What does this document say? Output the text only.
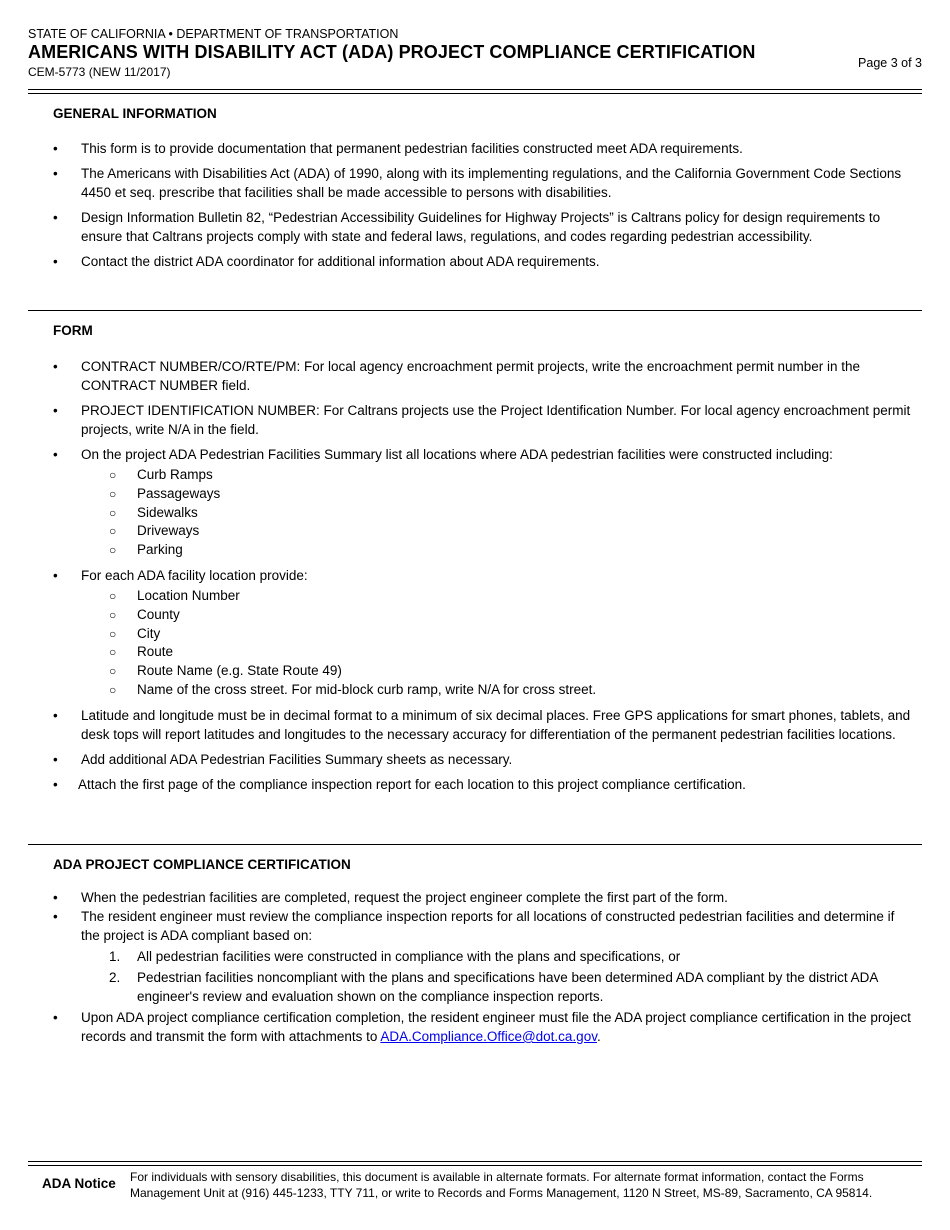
STATE OF CALIFORNIA • DEPARTMENT OF TRANSPORTATION
AMERICANS WITH DISABILITY ACT (ADA) PROJECT COMPLIANCE CERTIFICATION
CEM-5773 (NEW 11/2017)
Page 3 of 3
GENERAL INFORMATION
• This form is to provide documentation that permanent pedestrian facilities constructed meet ADA requirements.
• The Americans with Disabilities Act (ADA) of 1990, along with its implementing regulations, and the California Government Code Sections 4450 et seq. prescribe that facilities shall be made accessible to persons with disabilities.
• Design Information Bulletin 82, “Pedestrian Accessibility Guidelines for Highway Projects” is Caltrans policy for design requirements to ensure that Caltrans projects comply with state and federal laws, regulations, and codes regarding pedestrian accessibility.
• Contact the district ADA coordinator for additional information about ADA requirements.
FORM
• CONTRACT NUMBER/CO/RTE/PM: For local agency encroachment permit projects, write the encroachment permit number in the CONTRACT NUMBER field.
• PROJECT IDENTIFICATION NUMBER: For Caltrans projects use the Project Identification Number. For local agency encroachment permit projects, write N/A in the field.
• On the project ADA Pedestrian Facilities Summary list all locations where ADA pedestrian facilities were constructed including:
○ Curb Ramps
○ Passageways
○ Sidewalks
○ Driveways
○ Parking
• For each ADA facility location provide:
○ Location Number
○ County
○ City
○ Route
○ Route Name (e.g. State Route 49)
○ Name of the cross street. For mid-block curb ramp, write N/A for cross street.
• Latitude and longitude must be in decimal format to a minimum of six decimal places. Free GPS applications for smart phones, tablets, and desk tops will report latitudes and longitudes to the necessary accuracy for differentiation of the permanent pedestrian facilities locations.
• Add additional ADA Pedestrian Facilities Summary sheets as necessary.
• Attach the first page of the compliance inspection report for each location to this project compliance certification.
ADA PROJECT COMPLIANCE CERTIFICATION
• When the pedestrian facilities are completed, request the project engineer complete the first part of the form.
• The resident engineer must review the compliance inspection reports for all locations of constructed pedestrian facilities and determine if the project is ADA compliant based on:
1. All pedestrian facilities were constructed in compliance with the plans and specifications, or
2. Pedestrian facilities noncompliant with the plans and specifications have been determined ADA compliant by the district ADA engineer's review and evaluation shown on the compliance inspection reports.
• Upon ADA project compliance certification completion, the resident engineer must file the ADA project compliance certification in the project records and transmit the form with attachments to ADA.Compliance.Office@dot.ca.gov.
ADA Notice For individuals with sensory disabilities, this document is available in alternate formats. For alternate format information, contact the Forms Management Unit at (916) 445-1233, TTY 711, or write to Records and Forms Management, 1120 N Street, MS-89, Sacramento, CA 95814.
